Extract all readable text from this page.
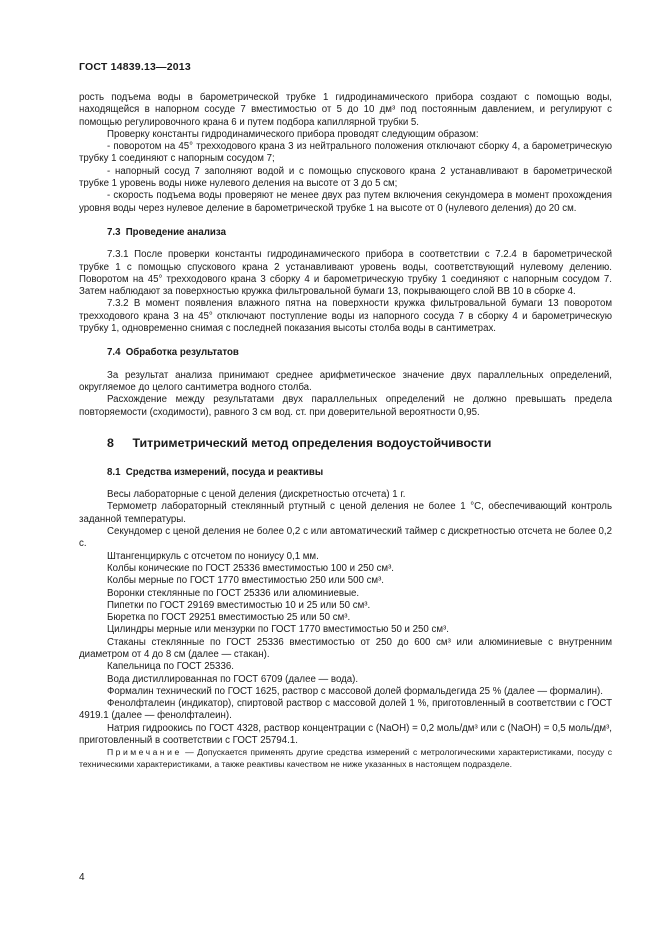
ГОСТ 14839.13—2013

рость подъема воды в барометрической трубке 1 гидродинамического прибора создают с помощью воды, находящейся в напорном сосуде 7 вместимостью от 5 до 10 дм³ под постоянным давлением, и регулируют с помощью регулировочного крана 6 и путем подбора капиллярной трубки 5.

Проверку константы гидродинамического прибора проводят следующим образом:

- поворотом на 45° трехходового крана 3 из нейтрального положения отключают сборку 4, а барометрическую трубку 1 соединяют с напорным сосудом 7;

- напорный сосуд 7 заполняют водой и с помощью спускового крана 2 устанавливают в барометрической трубке 1 уровень воды ниже нулевого деления на высоте от 3 до 5 см;

- скорость подъема воды проверяют не менее двух раз путем включения секундомера в момент прохождения уровня воды через нулевое деление в барометрической трубке 1 на высоте от 0 (нулевого деления) до 20 см.

7.3 Проведение анализа

7.3.1 После проверки константы гидродинамического прибора в соответствии с 7.2.4 в барометрической трубке 1 с помощью спускового крана 2 устанавливают уровень воды, соответствующий нулевому делению. Поворотом на 45° трехходового крана 3 сборку 4 и барометрическую трубку 1 соединяют с напорным сосудом 7. Затем наблюдают за поверхностью кружка фильтровальной бумаги 13, покрывающего слой ВВ 10 в сборке 4.

7.3.2 В момент появления влажного пятна на поверхности кружка фильтровальной бумаги 13 поворотом трехходового крана 3 на 45° отключают поступление воды из напорного сосуда 7 в сборку 4 и барометрическую трубку 1, одновременно снимая с последней показания высоты столба воды в сантиметрах.

7.4 Обработка результатов

За результат анализа принимают среднее арифметическое значение двух параллельных определений, округляемое до целого сантиметра водного столба.

Расхождение между результатами двух параллельных определений не должно превышать предела повторяемости (сходимости), равного 3 см вод. ст. при доверительной вероятности 0,95.

8 Титриметрический метод определения водоустойчивости
8.1 Средства измерений, посуда и реактивы

Весы лабораторные с ценой деления (дискретностью отсчета) 1 г.

Термометр лабораторный стеклянный ртутный с ценой деления не более 1 °С, обеспечивающий контроль заданной температуры.

Секундомер с ценой деления не более 0,2 с или автоматический таймер с дискретностью отсчета не более 0,2 с.

Штангенциркуль с отсчетом по нониусу 0,1 мм.

Колбы конические по ГОСТ 25336 вместимостью 100 и 250 см³.

Колбы мерные по ГОСТ 1770 вместимостью 250 или 500 см³.

Воронки стеклянные по ГОСТ 25336 или алюминиевые.

Пипетки по ГОСТ 29169 вместимостью 10 и 25 или 50 см³.

Бюретка по ГОСТ 29251 вместимостью 25 или 50 см³.

Цилиндры мерные или мензурки по ГОСТ 1770 вместимостью 50 и 250 см³.

Стаканы стеклянные по ГОСТ 25336 вместимостью от 250 до 600 см³ или алюминиевые с внутренним диаметром от 4 до 8 см (далее — стакан).

Капельница по ГОСТ 25336.

Вода дистиллированная по ГОСТ 6709 (далее — вода).

Формалин технический по ГОСТ 1625, раствор с массовой долей формальдегида 25 % (далее — формалин).

Фенолфталеин (индикатор), спиртовой раствор с массовой долей 1 %, приготовленный в соответствии с ГОСТ 4919.1 (далее — фенолфталеин).

Натрия гидроокись по ГОСТ 4328, раствор концентрации с (NaOH) = 0,2 моль/дм³ или с (NaOH) = 0,5 моль/дм³, приготовленный в соответствии с ГОСТ 25794.1.

Примечание — Допускается применять другие средства измерений с метрологическими характеристиками, посуду с техническими характеристиками, а также реактивы качеством не ниже указанных в настоящем подразделе.

4
